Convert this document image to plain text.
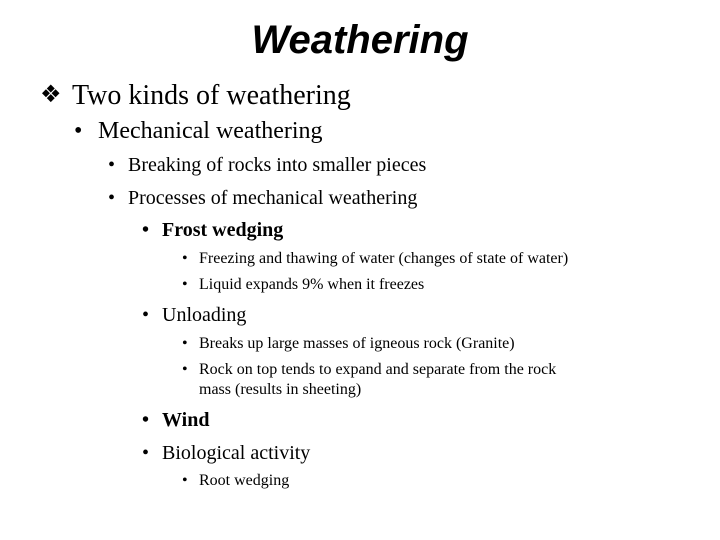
Weathering
❖ Two kinds of weathering
• Mechanical weathering
• Breaking of rocks into smaller pieces
• Processes of mechanical weathering
• Frost wedging
• Freezing and thawing of water (changes of state of water)
• Liquid expands 9% when it freezes
• Unloading
• Breaks up large masses of igneous rock (Granite)
• Rock on top tends to expand and separate from the rock
mass (results in sheeting)
• Wind
• Biological activity
• Root wedging
